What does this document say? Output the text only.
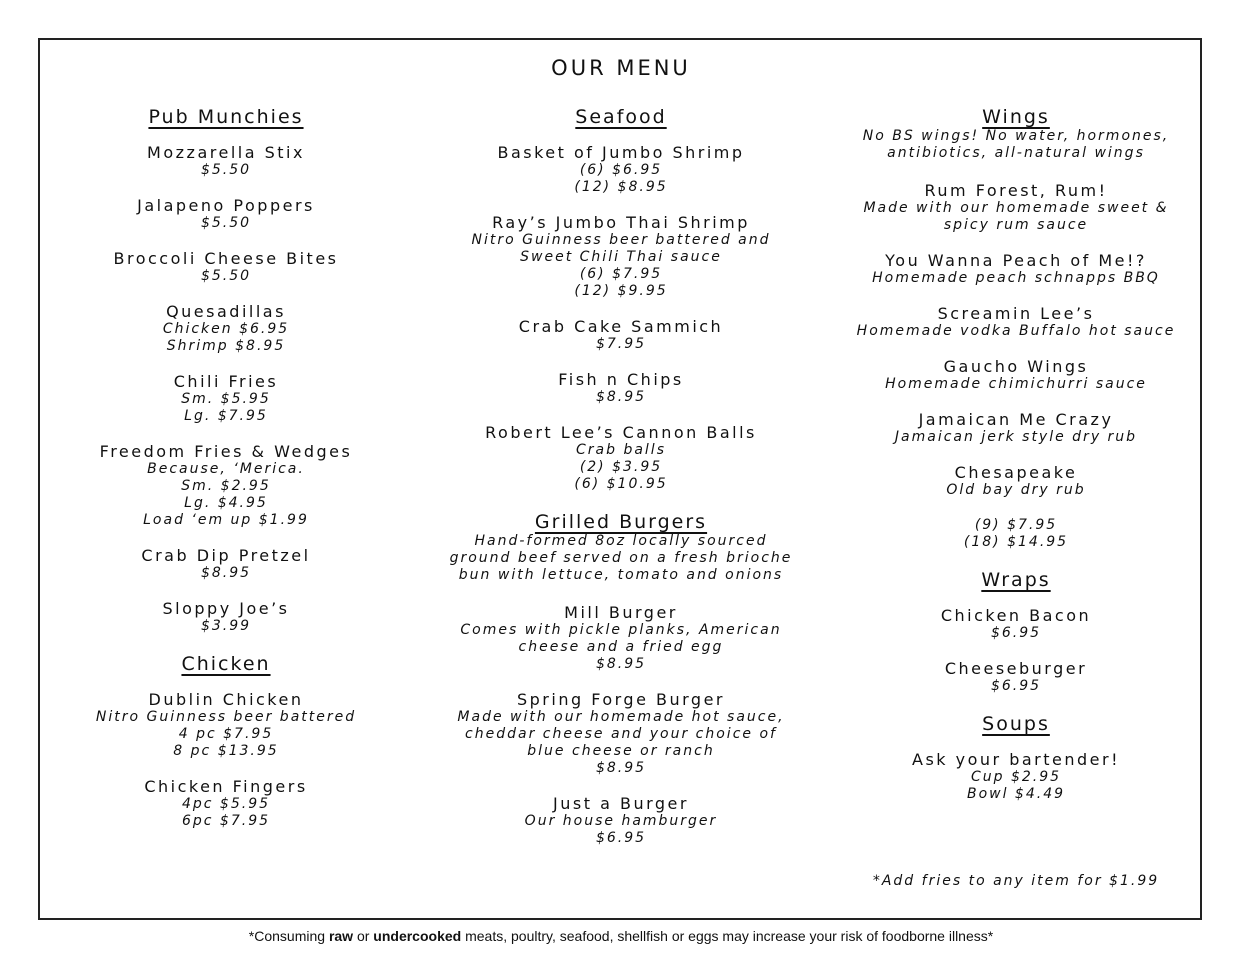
OUR MENU
Pub Munchies
Mozzarella Stix
$5.50
Jalapeno Poppers
$5.50
Broccoli Cheese Bites
$5.50
Quesadillas
Chicken $6.95
Shrimp $8.95
Chili Fries
Sm. $5.95
Lg. $7.95
Freedom Fries & Wedges
Because, ‘Merica.
Sm. $2.95
Lg. $4.95
Load ‘em up $1.99
Crab Dip Pretzel
$8.95
Sloppy Joe’s
$3.99
Chicken
Dublin Chicken
Nitro Guinness beer battered
4 pc $7.95
8 pc $13.95
Chicken Fingers
4pc $5.95
6pc $7.95
Seafood
Basket of Jumbo Shrimp
(6) $6.95
(12) $8.95
Ray’s Jumbo Thai Shrimp
Nitro Guinness beer battered and
Sweet Chili Thai sauce
(6) $7.95
(12) $9.95
Crab Cake Sammich
$7.95
Fish n Chips
$8.95
Robert Lee’s Cannon Balls
Crab balls
(2) $3.95
(6) $10.95
Grilled Burgers
Hand-formed 8oz locally sourced
ground beef served on a fresh brioche
bun with lettuce, tomato and onions
Mill Burger
Comes with pickle planks, American
cheese and a fried egg
$8.95
Spring Forge Burger
Made with our homemade hot sauce,
cheddar cheese and your choice of
blue cheese or ranch
$8.95
Just a Burger
Our house hamburger
$6.95
Wings
No BS wings! No water, hormones,
antibiotics, all-natural wings
Rum Forest, Rum!
Made with our homemade sweet &
spicy rum sauce
You Wanna Peach of Me!?
Homemade peach schnapps BBQ
Screamin Lee’s
Homemade vodka Buffalo hot sauce
Gaucho Wings
Homemade chimichurri sauce
Jamaican Me Crazy
Jamaican jerk style dry rub
Chesapeake
Old bay dry rub
(9) $7.95
(18) $14.95
Wraps
Chicken Bacon
$6.95
Cheeseburger
$6.95
Soups
Ask your bartender!
Cup $2.95
Bowl $4.49
*Add fries to any item for $1.99
*Consuming raw or undercooked meats, poultry, seafood, shellfish or eggs may increase your risk of foodborne illness*
